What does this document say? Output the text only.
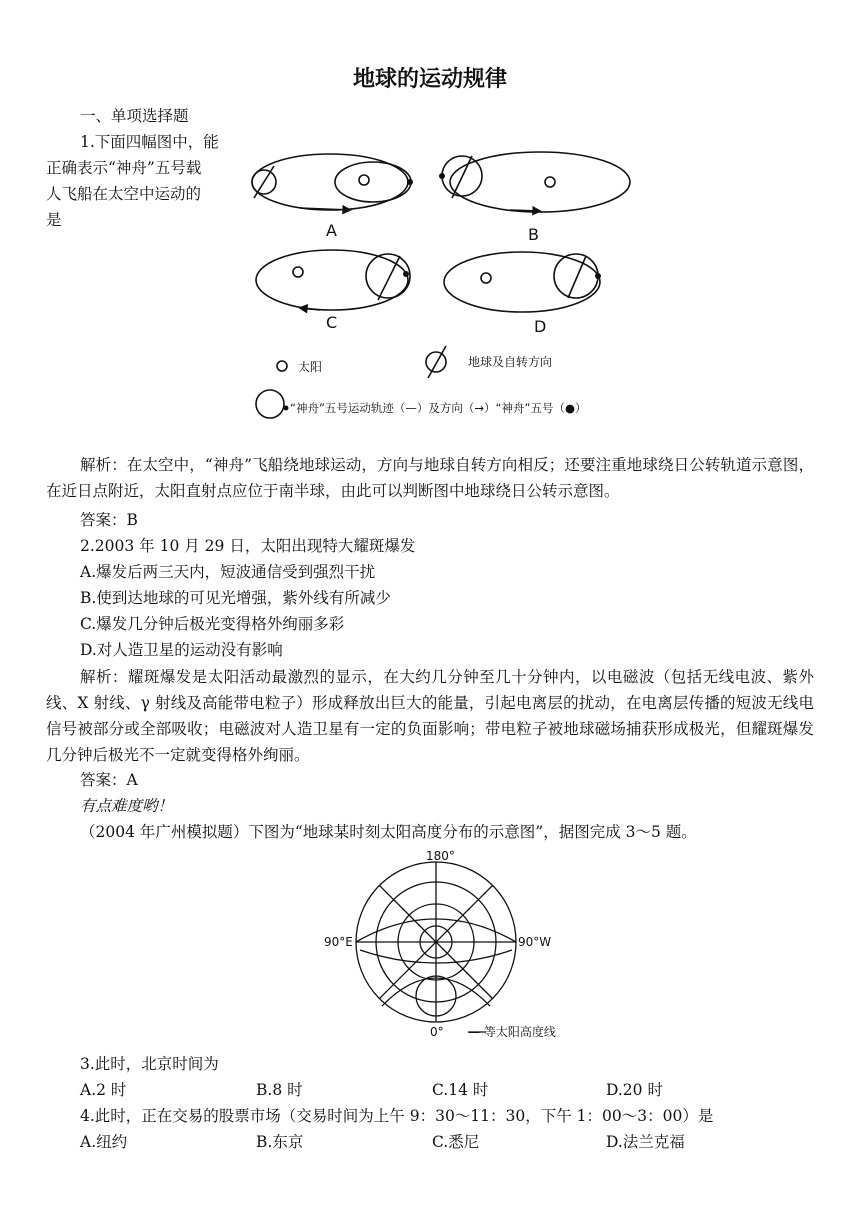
地球的运动规律
一、单项选择题
1.下面四幅图中，能
正确表示“神舟”五号载
人飞船在太空中运动的
是
A	B
C	D
太阳	地球及自转方向
“神舟”五号运动轨迹（—）及方向（→）“神舟”五号（●）
解析：在太空中，“神舟”飞船绕地球运动，方向与地球自转方向相反；还要注重地球绕日公转轨道示意图，在近日点附近，太阳直射点应位于南半球，由此可以判断图中地球绕日公转示意图。
答案：B
2.2003 年 10 月 29 日，太阳出现特大耀斑爆发
A.爆发后两三天内，短波通信受到强烈干扰
B.使到达地球的可见光增强，紫外线有所减少
C.爆发几分钟后极光变得格外绚丽多彩
D.对人造卫星的运动没有影响
解析：耀斑爆发是太阳活动最激烈的显示，在大约几分钟至几十分钟内，以电磁波（包括无线电波、紫外线、X 射线、γ 射线及高能带电粒子）形成释放出巨大的能量，引起电离层的扰动，在电离层传播的短波无线电信号被部分或全部吸收；电磁波对人造卫星有一定的负面影响；带电粒子被地球磁场捕获形成极光，但耀斑爆发几分钟后极光不一定就变得格外绚丽。
答案：A
有点难度哟！
（2004 年广州模拟题）下图为“地球某时刻太阳高度分布的示意图”，据图完成 3～5 题。
180°
90°E	90°W
0° — 等太阳高度线
3.此时，北京时间为
A.2 时	B.8 时	C.14 时	D.20 时
4.此时，正在交易的股票市场（交易时间为上午 9：30～11：30，下午 1：00～3：00）是
A.纽约	B.东京	C.悉尼	D.法兰克福
